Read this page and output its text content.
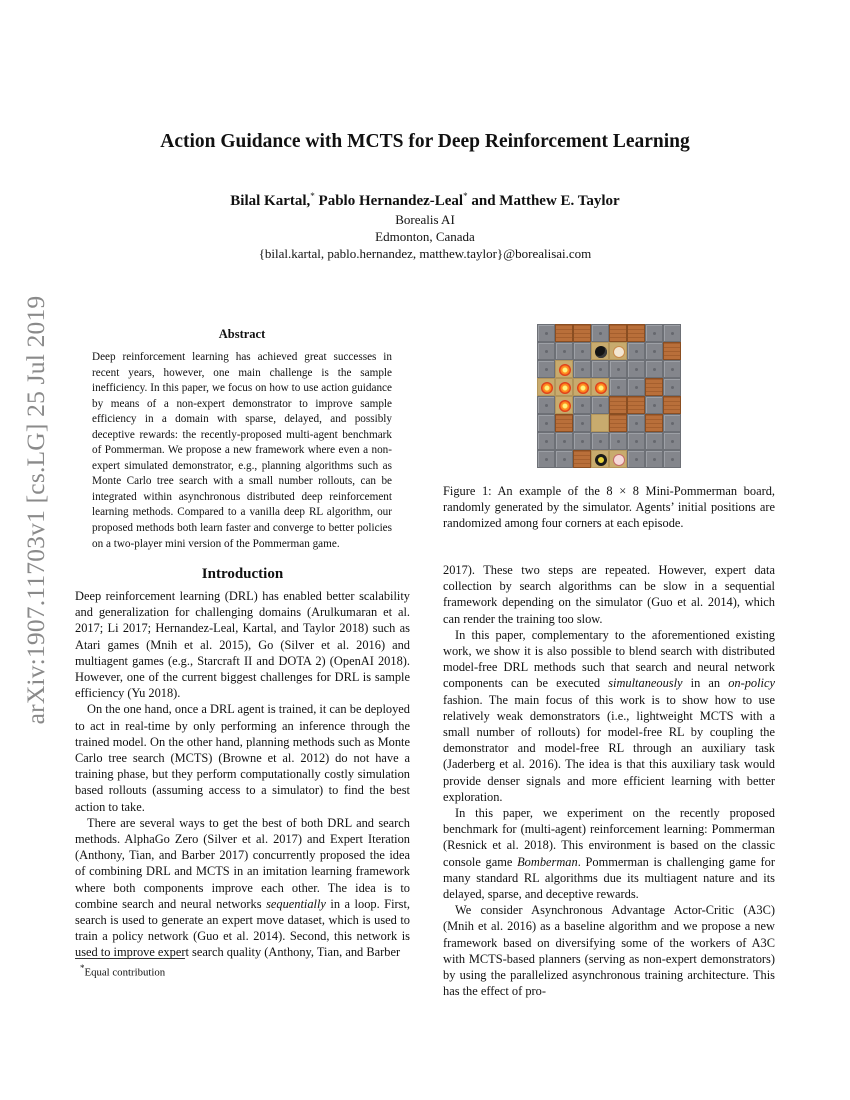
arXiv:1907.11703v1 [cs.LG] 25 Jul 2019
Action Guidance with MCTS for Deep Reinforcement Learning
Bilal Kartal,* Pablo Hernandez-Leal* and Matthew E. Taylor
Borealis AI
Edmonton, Canada
{bilal.kartal, pablo.hernandez, matthew.taylor}@borealisai.com
Abstract
Deep reinforcement learning has achieved great successes in recent years, however, one main challenge is the sample inefficiency. In this paper, we focus on how to use action guidance by means of a non-expert demonstrator to improve sample efficiency in a domain with sparse, delayed, and possibly deceptive rewards: the recently-proposed multi-agent benchmark of Pommerman. We propose a new framework where even a non-expert simulated demonstrator, e.g., planning algorithms such as Monte Carlo tree search with a small number rollouts, can be integrated within asynchronous distributed deep reinforcement learning methods. Compared to a vanilla deep RL algorithm, our proposed methods both learn faster and converge to better policies on a two-player mini version of the Pommerman game.
Introduction

Deep reinforcement learning (DRL) has enabled better scalability and generalization for challenging domains (Arulkumaran et al. 2017; Li 2017; Hernandez-Leal, Kartal, and Taylor 2018) such as Atari games (Mnih et al. 2015), Go (Silver et al. 2016) and multiagent games (e.g., Starcraft II and DOTA 2) (OpenAI 2018). However, one of the current biggest challenges for DRL is sample efficiency (Yu 2018).

On the one hand, once a DRL agent is trained, it can be deployed to act in real-time by only performing an inference through the trained model. On the other hand, planning methods such as Monte Carlo tree search (MCTS) (Browne et al. 2012) do not have a training phase, but they perform computationally costly simulation based rollouts (assuming access to a simulator) to find the best action to take.

There are several ways to get the best of both DRL and search methods. AlphaGo Zero (Silver et al. 2017) and Expert Iteration (Anthony, Tian, and Barber 2017) concurrently proposed the idea of combining DRL and MCTS in an imitation learning framework where both components improve each other. The idea is to combine search and neural networks sequentially in a loop. First, search is used to generate an expert move dataset, which is used to train a policy network (Guo et al. 2014). Second, this network is used to improve expert search quality (Anthony, Tian, and Barber

*Equal contribution
Figure 1: An example of the 8 × 8 Mini-Pommerman board, randomly generated by the simulator. Agents’ initial positions are randomized among four corners at each episode.

2017). These two steps are repeated. However, expert data collection by search algorithms can be slow in a sequential framework depending on the simulator (Guo et al. 2014), which can render the training too slow.

In this paper, complementary to the aforementioned existing work, we show it is also possible to blend search with distributed model-free DRL methods such that search and neural network components can be executed simultaneously in an on-policy fashion. The main focus of this work is to show how to use relatively weak demonstrators (i.e., lightweight MCTS with a small number of rollouts) for model-free RL by coupling the demonstrator and model-free RL through an auxiliary task (Jaderberg et al. 2016). The idea is that this auxiliary task would provide denser signals and more efficient learning with better exploration.

In this paper, we experiment on the recently proposed benchmark for (multi-agent) reinforcement learning: Pommerman (Resnick et al. 2018). This environment is based on the classic console game Bomberman. Pommerman is challenging game for many standard RL algorithms due its multiagent nature and its delayed, sparse, and deceptive rewards.

We consider Asynchronous Advantage Actor-Critic (A3C) (Mnih et al. 2016) as a baseline algorithm and we propose a new framework based on diversifying some of the workers of A3C with MCTS-based planners (serving as non-expert demonstrators) by using the parallelized asynchronous training architecture. This has the effect of pro-
